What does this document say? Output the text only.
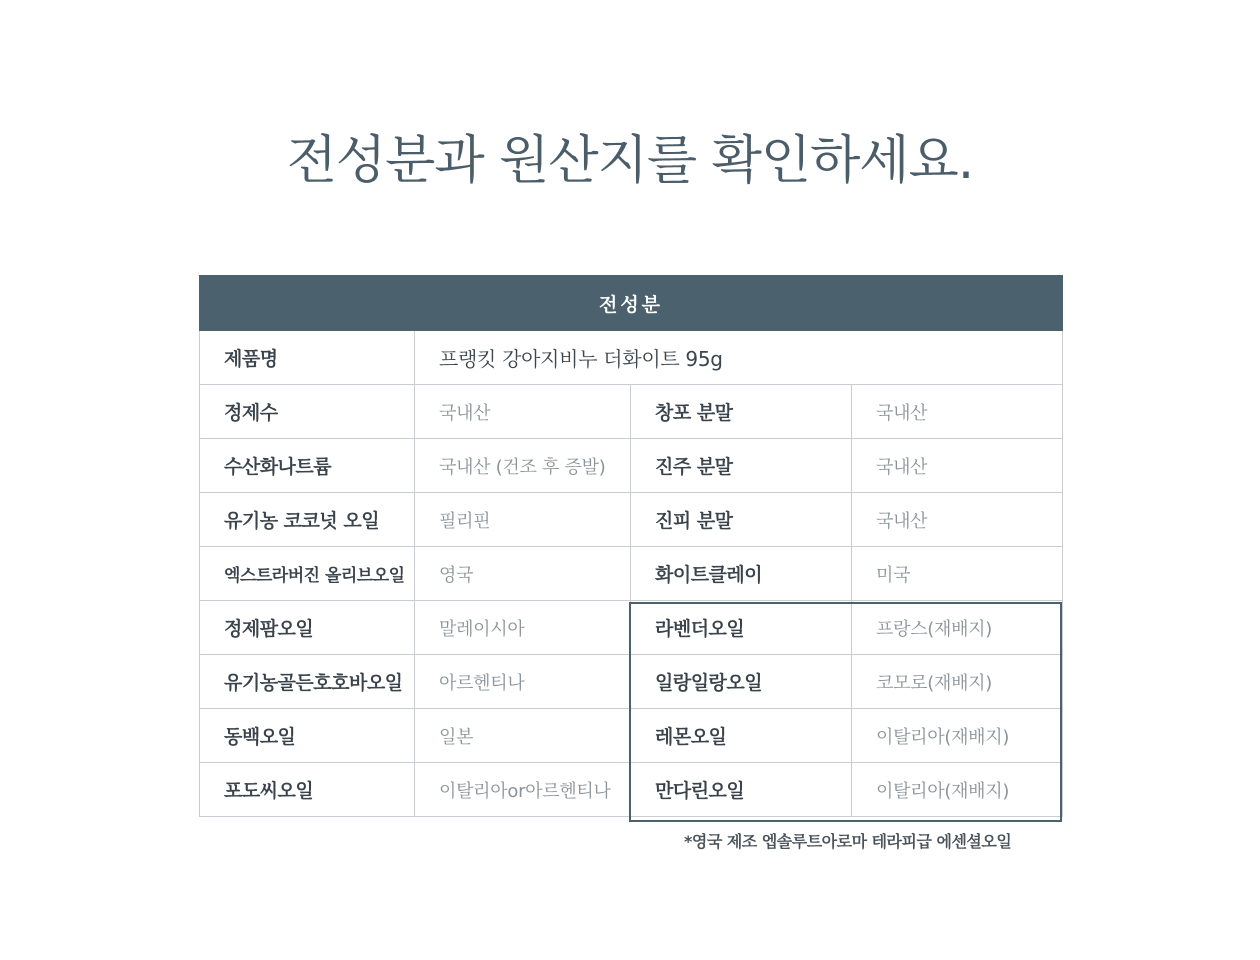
전성분과 원산지를 확인하세요.
전성분			
제품명	프랭킷 강아지비누 더화이트 95g		
정제수	국내산	창포 분말	국내산
수산화나트륨	국내산 (건조 후 증발)	진주 분말	국내산
유기농 코코넛 오일	필리핀	진피 분말	국내산
엑스트라버진 올리브오일	영국	화이트클레이	미국
정제팜오일	말레이시아	라벤더오일	프랑스(재배지)
유기농골든호호바오일	아르헨티나	일랑일랑오일	코모로(재배지)
동백오일	일본	레몬오일	이탈리아(재배지)
포도씨오일	이탈리아or아르헨티나	만다린오일	이탈리아(재배지)
*영국 제조 엡솔루트아로마 테라피급 에센셜오일
